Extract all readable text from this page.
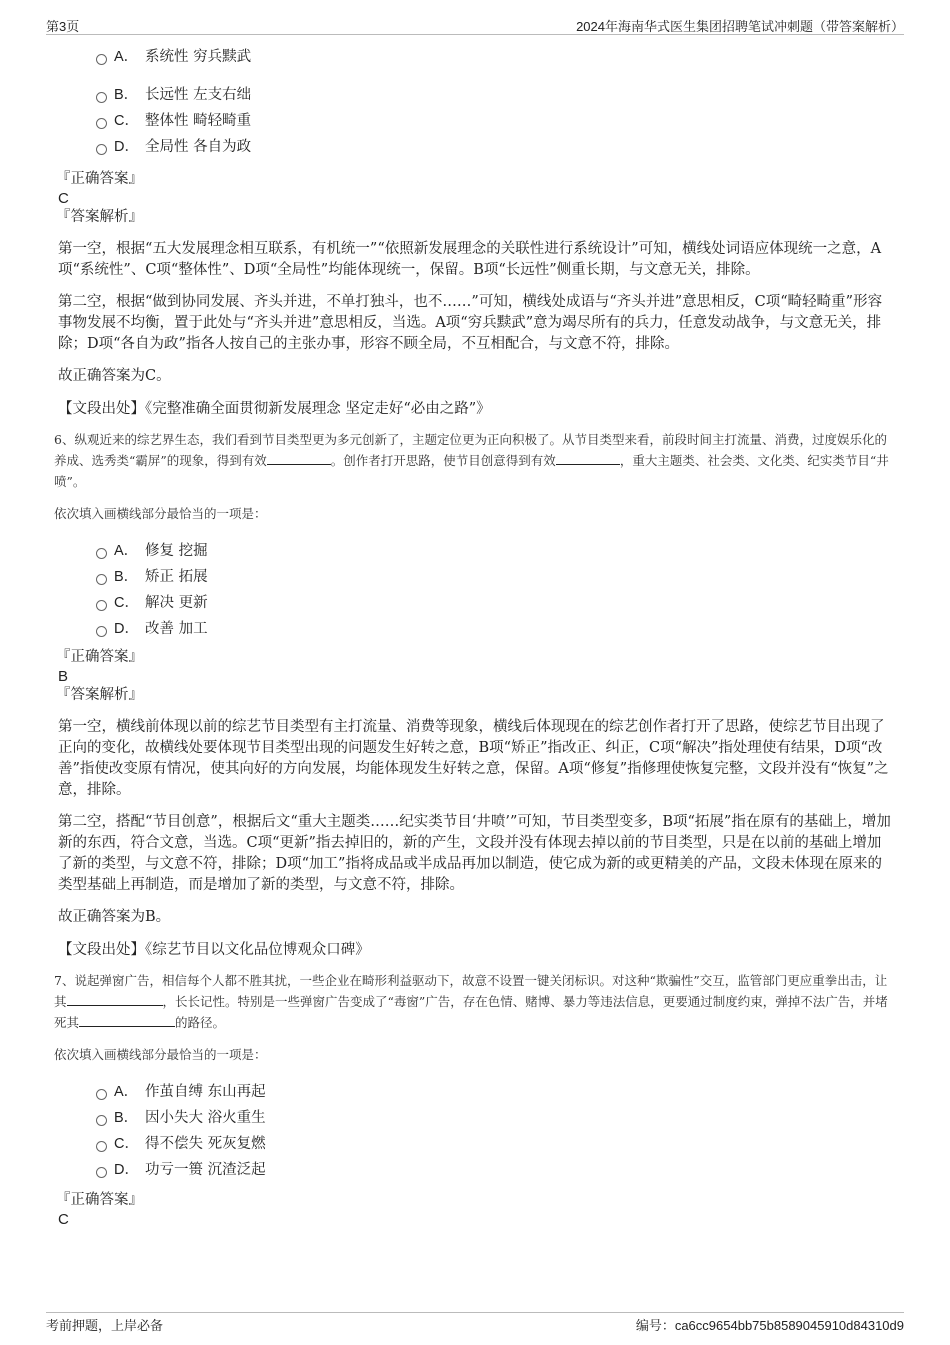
第3页	2024年海南华式医生集团招聘笔试冲刺题（带答案解析）
A． 系统性 穷兵黩武
B． 长远性 左支右绌
C． 整体性 畸轻畸重
D． 全局性 各自为政
『正确答案』
C
『答案解析』

第一空，根据“五大发展理念相互联系，有机统一”“依照新发展理念的关联性进行系统设计”可知，横线处词语应体现统一之意，A项“系统性”、C项“整体性”、D项“全局性”均能体现统一，保留。B项“长远性”侧重长期，与文意无关，排除。

第二空，根据“做到协同发展、齐头并进，不单打独斗，也不……”可知，横线处成语与“齐头并进”意思相反，C项“畸轻畸重”形容事物发展不均衡，置于此处与“齐头并进”意思相反，当选。A项“穷兵黩武”意为竭尽所有的兵力，任意发动战争，与文意无关，排除；D项“各自为政”指各人按自己的主张办事，形容不顾全局，不互相配合，与文意不符，排除。

故正确答案为C。

【文段出处】《完整准确全面贯彻新发展理念 坚定走好“必由之路”》

6、纵观近来的综艺界生态，我们看到节目类型更为多元创新了，主题定位更为正向积极了。从节目类型来看，前段时间主打流量、消费，过度娱乐化的养成、选秀类“霸屏”的现象，得到有效	。创作者打开思路，使节目创意得到有效	，重大主题类、社会类、文化类、纪实类节目“井喷”。

依次填入画横线部分最恰当的一项是：

A． 修复 挖掘
B． 矫正 拓展
C． 解决 更新
D． 改善 加工
『正确答案』
B
『答案解析』

第一空，横线前体现以前的综艺节目类型有主打流量、消费等现象，横线后体现现在的综艺创作者打开了思路，使综艺节目出现了正向的变化，故横线处要体现节目类型出现的问题发生好转之意，B项“矫正”指改正、纠正，C项“解决”指处理使有结果，D项“改善”指使改变原有情况，使其向好的方向发展，均能体现发生好转之意，保留。A项“修复”指修理使恢复完整，文段并没有“恢复”之意，排除。

第二空，搭配“节目创意”，根据后文“重大主题类……纪实类节目‘井喷’”可知，节目类型变多，B项“拓展”指在原有的基础上，增加新的东西，符合文意，当选。C项“更新”指去掉旧的，新的产生，文段并没有体现去掉以前的节目类型，只是在以前的基础上增加了新的类型，与文意不符，排除；D项“加工”指将成品或半成品再加以制造，使它成为新的或更精美的产品，文段未体现在原来的类型基础上再制造，而是增加了新的类型，与文意不符，排除。

故正确答案为B。

【文段出处】《综艺节目以文化品位博观众口碑》

7、说起弹窗广告，相信每个人都不胜其扰，一些企业在畸形利益驱动下，故意不设置一键关闭标识。对这种“欺骗性”交互，监管部门更应重拳出击，让其	，长长记性。特别是一些弹窗广告变成了“毒窗”广告，存在色情、赌博、暴力等违法信息，更要通过制度约束，弹掉不法广告，并堵死其	的路径。

依次填入画横线部分最恰当的一项是：

A． 作茧自缚 东山再起
B． 因小失大 浴火重生
C． 得不偿失 死灰复燃
D． 功亏一篑 沉渣泛起
『正确答案』
C
考前押题，上岸必备	编号：ca6cc9654bb75b8589045910d84310d9
